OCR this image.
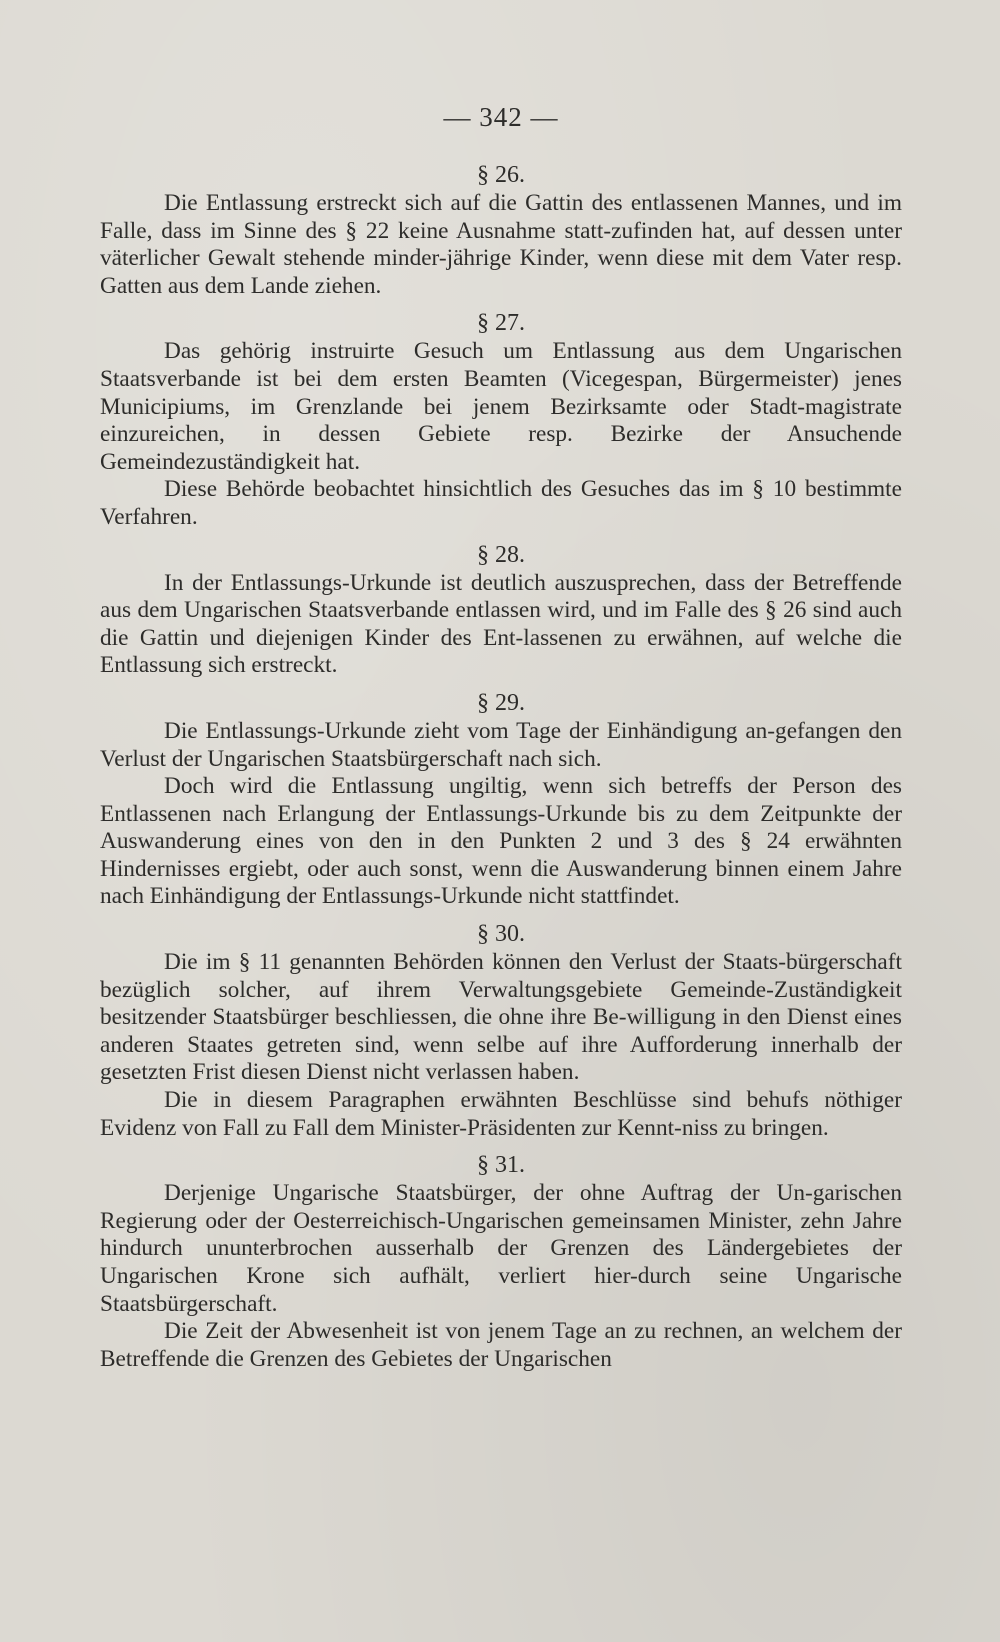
— 342 —
§ 26.

Die Entlassung erstreckt sich auf die Gattin des entlassenen Mannes, und im Falle, dass im Sinne des § 22 keine Ausnahme statt-zufinden hat, auf dessen unter väterlicher Gewalt stehende minder-jährige Kinder, wenn diese mit dem Vater resp. Gatten aus dem Lande ziehen.

§ 27.

Das gehörig instruirte Gesuch um Entlassung aus dem Ungarischen Staatsverbande ist bei dem ersten Beamten (Vicegespan, Bürgermeister) jenes Municipiums, im Grenzlande bei jenem Bezirksamte oder Stadt-magistrate einzureichen, in dessen Gebiete resp. Bezirke der Ansuchende Gemeindezuständigkeit hat.

Diese Behörde beobachtet hinsichtlich des Gesuches das im § 10 bestimmte Verfahren.

§ 28.

In der Entlassungs-Urkunde ist deutlich auszusprechen, dass der Betreffende aus dem Ungarischen Staatsverbande entlassen wird, und im Falle des § 26 sind auch die Gattin und diejenigen Kinder des Ent-lassenen zu erwähnen, auf welche die Entlassung sich erstreckt.

§ 29.

Die Entlassungs-Urkunde zieht vom Tage der Einhändigung an-gefangen den Verlust der Ungarischen Staatsbürgerschaft nach sich.

Doch wird die Entlassung ungiltig, wenn sich betreffs der Person des Entlassenen nach Erlangung der Entlassungs-Urkunde bis zu dem Zeitpunkte der Auswanderung eines von den in den Punkten 2 und 3 des § 24 erwähnten Hindernisses ergiebt, oder auch sonst, wenn die Auswanderung binnen einem Jahre nach Einhändigung der Entlassungs-Urkunde nicht stattfindet.

§ 30.

Die im § 11 genannten Behörden können den Verlust der Staats-bürgerschaft bezüglich solcher, auf ihrem Verwaltungsgebiete Gemeinde-Zuständigkeit besitzender Staatsbürger beschliessen, die ohne ihre Be-willigung in den Dienst eines anderen Staates getreten sind, wenn selbe auf ihre Aufforderung innerhalb der gesetzten Frist diesen Dienst nicht verlassen haben.

Die in diesem Paragraphen erwähnten Beschlüsse sind behufs nöthiger Evidenz von Fall zu Fall dem Minister-Präsidenten zur Kennt-niss zu bringen.

§ 31.

Derjenige Ungarische Staatsbürger, der ohne Auftrag der Un-garischen Regierung oder der Oesterreichisch-Ungarischen gemeinsamen Minister, zehn Jahre hindurch ununterbrochen ausserhalb der Grenzen des Ländergebietes der Ungarischen Krone sich aufhält, verliert hier-durch seine Ungarische Staatsbürgerschaft.

Die Zeit der Abwesenheit ist von jenem Tage an zu rechnen, an welchem der Betreffende die Grenzen des Gebietes der Ungarischen
